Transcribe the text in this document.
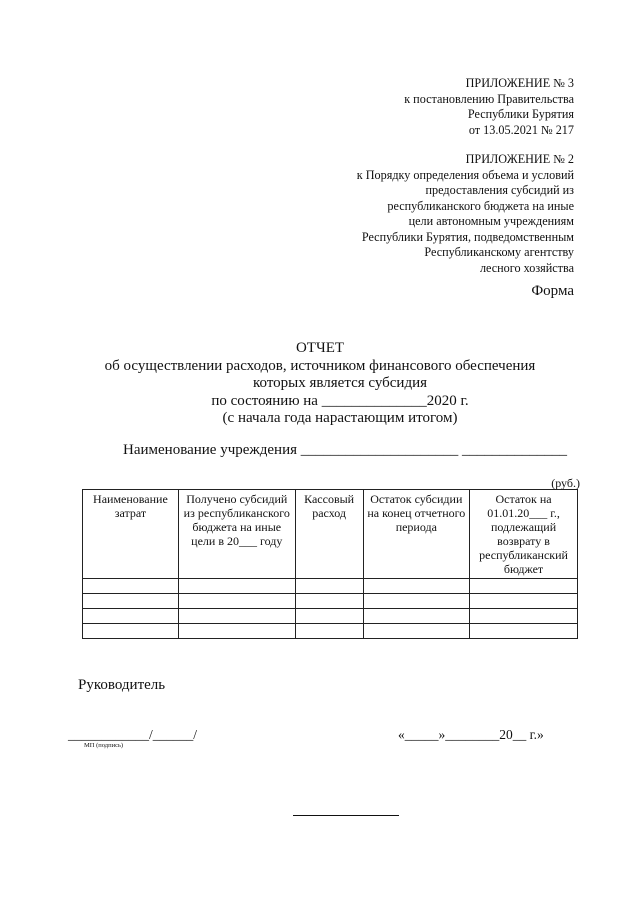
ПРИЛОЖЕНИЕ № 3
к постановлению Правительства
Республики Бурятия
от 13.05.2021 № 217
ПРИЛОЖЕНИЕ № 2
к Порядку определения объема и условий
предоставления субсидий из
республиканского бюджета на иные
цели автономным учреждениям
Республики Бурятия, подведомственным
Республиканскому агентству
лесного хозяйства
Форма
ОТЧЕТ
об осуществлении расходов, источником финансового обеспечения
которых является субсидия
по состоянию на ______________2020 г.
(с начала года нарастающим итогом)
Наименование учреждения _____________________ ______________
(руб.)
Наименование затрат	Получено субсидий из республиканского бюджета на иные цели в 20___ году	Кассовый расход	Остаток субсидии на конец отчетного периода	Остаток на 01.01.20___ г., подлежащий возврату в республиканский бюджет

Руководитель
____________/______/
МП (подпись)
«_____»________20__ г.»
